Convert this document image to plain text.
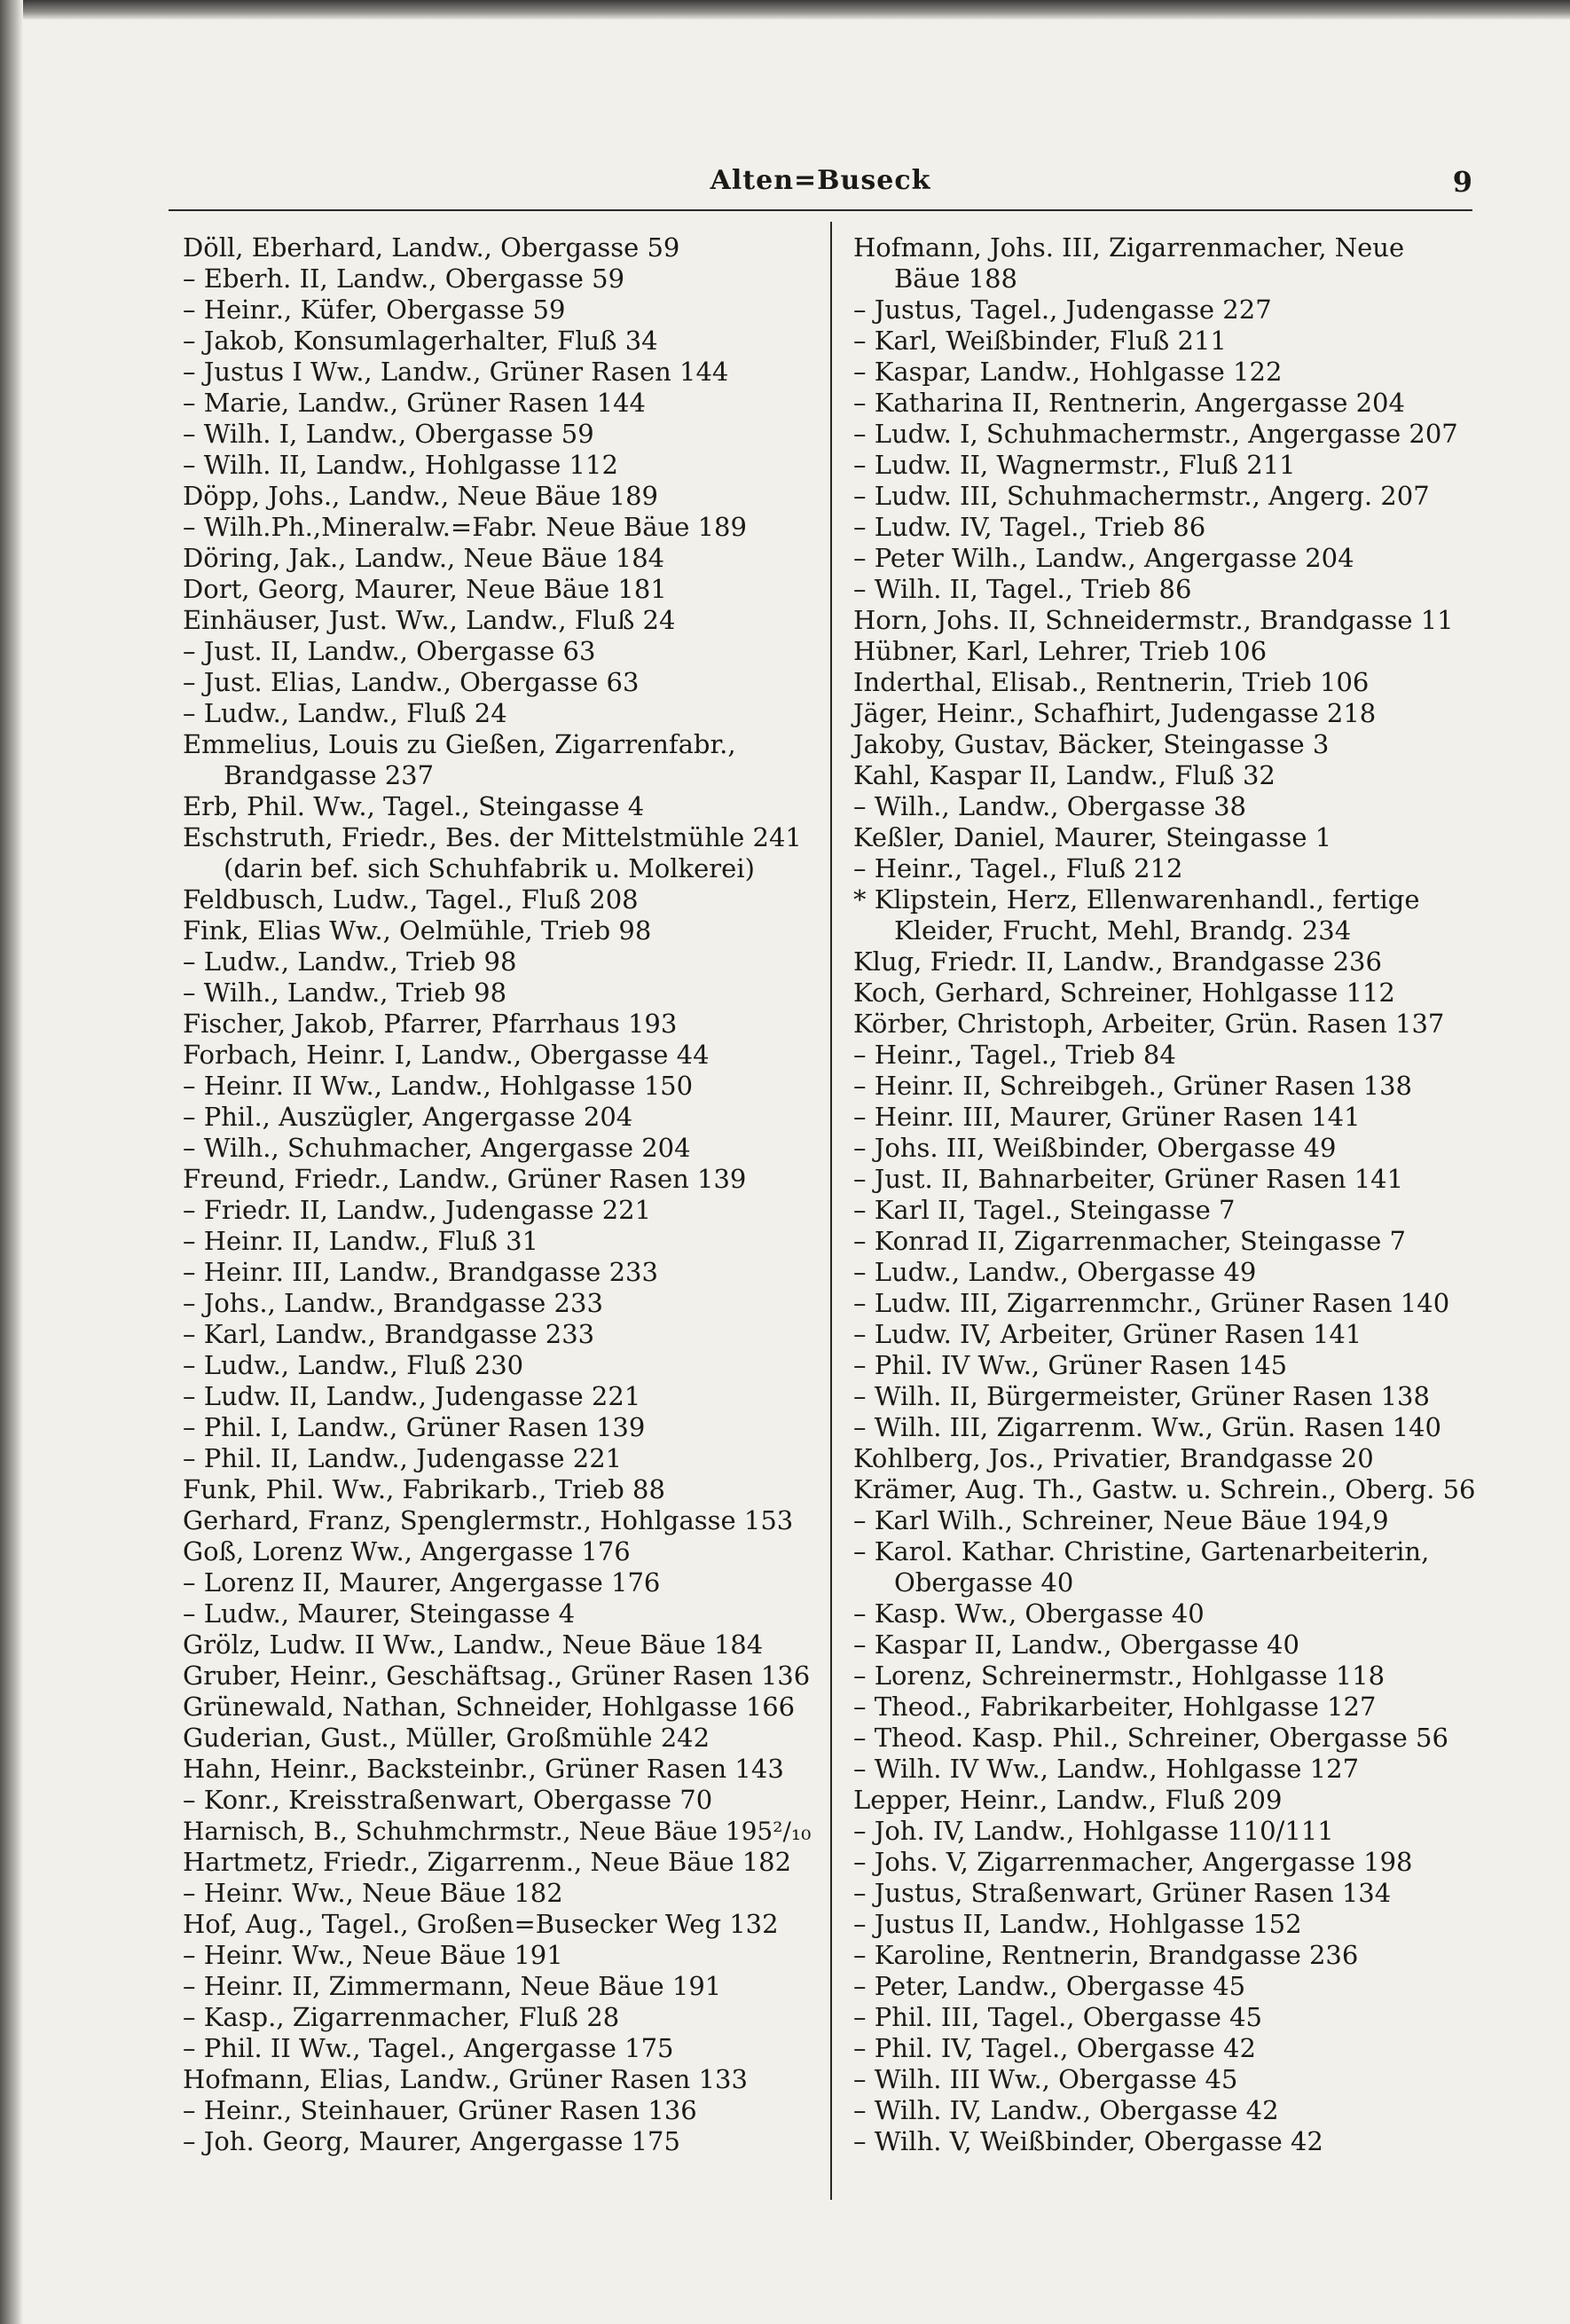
Alten=Buseck	9
Döll, Eberhard, Landw., Obergasse 59
– Eberh. II, Landw., Obergasse 59
– Heinr., Küfer, Obergasse 59
– Jakob, Konsumlagerhalter, Fluß 34
– Justus I Ww., Landw., Grüner Rasen 144
– Marie, Landw., Grüner Rasen 144
– Wilh. I, Landw., Obergasse 59
– Wilh. II, Landw., Hohlgasse 112
Döpp, Johs., Landw., Neue Bäue 189
– Wilh.Ph.,Mineralw.=Fabr. Neue Bäue 189
Döring, Jak., Landw., Neue Bäue 184
Dort, Georg, Maurer, Neue Bäue 181
Einhäuser, Just. Ww., Landw., Fluß 24
– Just. II, Landw., Obergasse 63
– Just. Elias, Landw., Obergasse 63
– Ludw., Landw., Fluß 24
Emmelius, Louis zu Gießen, Zigarrenfabr.,
Brandgasse 237
Erb, Phil. Ww., Tagel., Steingasse 4
Eschstruth, Friedr., Bes. der Mittelstmühle 241
(darin bef. sich Schuhfabrik u. Molkerei)
Feldbusch, Ludw., Tagel., Fluß 208
Fink, Elias Ww., Oelmühle, Trieb 98
– Ludw., Landw., Trieb 98
– Wilh., Landw., Trieb 98
Fischer, Jakob, Pfarrer, Pfarrhaus 193
Forbach, Heinr. I, Landw., Obergasse 44
– Heinr. II Ww., Landw., Hohlgasse 150
– Phil., Auszügler, Angergasse 204
– Wilh., Schuhmacher, Angergasse 204
Freund, Friedr., Landw., Grüner Rasen 139
– Friedr. II, Landw., Judengasse 221
– Heinr. II, Landw., Fluß 31
– Heinr. III, Landw., Brandgasse 233
– Johs., Landw., Brandgasse 233
– Karl, Landw., Brandgasse 233
– Ludw., Landw., Fluß 230
– Ludw. II, Landw., Judengasse 221
– Phil. I, Landw., Grüner Rasen 139
– Phil. II, Landw., Judengasse 221
Funk, Phil. Ww., Fabrikarb., Trieb 88
Gerhard, Franz, Spenglermstr., Hohlgasse 153
Goß, Lorenz Ww., Angergasse 176
– Lorenz II, Maurer, Angergasse 176
– Ludw., Maurer, Steingasse 4
Grölz, Ludw. II Ww., Landw., Neue Bäue 184
Gruber, Heinr., Geschäftsag., Grüner Rasen 136
Grünewald, Nathan, Schneider, Hohlgasse 166
Guderian, Gust., Müller, Großmühle 242
Hahn, Heinr., Backsteinbr., Grüner Rasen 143
– Konr., Kreisstraßenwart, Obergasse 70
Harnisch, B., Schuhmchrmstr., Neue Bäue 195²/₁₀
Hartmetz, Friedr., Zigarrenm., Neue Bäue 182
– Heinr. Ww., Neue Bäue 182
Hof, Aug., Tagel., Großen=Busecker Weg 132
– Heinr. Ww., Neue Bäue 191
– Heinr. II, Zimmermann, Neue Bäue 191
– Kasp., Zigarrenmacher, Fluß 28
– Phil. II Ww., Tagel., Angergasse 175
Hofmann, Elias, Landw., Grüner Rasen 133
– Heinr., Steinhauer, Grüner Rasen 136
– Joh. Georg, Maurer, Angergasse 175
Hofmann, Johs. III, Zigarrenmacher, Neue
Bäue 188
– Justus, Tagel., Judengasse 227
– Karl, Weißbinder, Fluß 211
– Kaspar, Landw., Hohlgasse 122
– Katharina II, Rentnerin, Angergasse 204
– Ludw. I, Schuhmachermstr., Angergasse 207
– Ludw. II, Wagnermstr., Fluß 211
– Ludw. III, Schuhmachermstr., Angerg. 207
– Ludw. IV, Tagel., Trieb 86
– Peter Wilh., Landw., Angergasse 204
– Wilh. II, Tagel., Trieb 86
Horn, Johs. II, Schneidermstr., Brandgasse 11
Hübner, Karl, Lehrer, Trieb 106
Inderthal, Elisab., Rentnerin, Trieb 106
Jäger, Heinr., Schafhirt, Judengasse 218
Jakoby, Gustav, Bäcker, Steingasse 3
Kahl, Kaspar II, Landw., Fluß 32
– Wilh., Landw., Obergasse 38
Keßler, Daniel, Maurer, Steingasse 1
– Heinr., Tagel., Fluß 212
* Klipstein, Herz, Ellenwarenhandl., fertige
Kleider, Frucht, Mehl, Brandg. 234
Klug, Friedr. II, Landw., Brandgasse 236
Koch, Gerhard, Schreiner, Hohlgasse 112
Körber, Christoph, Arbeiter, Grün. Rasen 137
– Heinr., Tagel., Trieb 84
– Heinr. II, Schreibgeh., Grüner Rasen 138
– Heinr. III, Maurer, Grüner Rasen 141
– Johs. III, Weißbinder, Obergasse 49
– Just. II, Bahnarbeiter, Grüner Rasen 141
– Karl II, Tagel., Steingasse 7
– Konrad II, Zigarrenmacher, Steingasse 7
– Ludw., Landw., Obergasse 49
– Ludw. III, Zigarrenmchr., Grüner Rasen 140
– Ludw. IV, Arbeiter, Grüner Rasen 141
– Phil. IV Ww., Grüner Rasen 145
– Wilh. II, Bürgermeister, Grüner Rasen 138
– Wilh. III, Zigarrenm. Ww., Grün. Rasen 140
Kohlberg, Jos., Privatier, Brandgasse 20
Krämer, Aug. Th., Gastw. u. Schrein., Oberg. 56
– Karl Wilh., Schreiner, Neue Bäue 194,9
– Karol. Kathar. Christine, Gartenarbeiterin,
Obergasse 40
– Kasp. Ww., Obergasse 40
– Kaspar II, Landw., Obergasse 40
– Lorenz, Schreinermstr., Hohlgasse 118
– Theod., Fabrikarbeiter, Hohlgasse 127
– Theod. Kasp. Phil., Schreiner, Obergasse 56
– Wilh. IV Ww., Landw., Hohlgasse 127
Lepper, Heinr., Landw., Fluß 209
– Joh. IV, Landw., Hohlgasse 110/111
– Johs. V, Zigarrenmacher, Angergasse 198
– Justus, Straßenwart, Grüner Rasen 134
– Justus II, Landw., Hohlgasse 152
– Karoline, Rentnerin, Brandgasse 236
– Peter, Landw., Obergasse 45
– Phil. III, Tagel., Obergasse 45
– Phil. IV, Tagel., Obergasse 42
– Wilh. III Ww., Obergasse 45
– Wilh. IV, Landw., Obergasse 42
– Wilh. V, Weißbinder, Obergasse 42
